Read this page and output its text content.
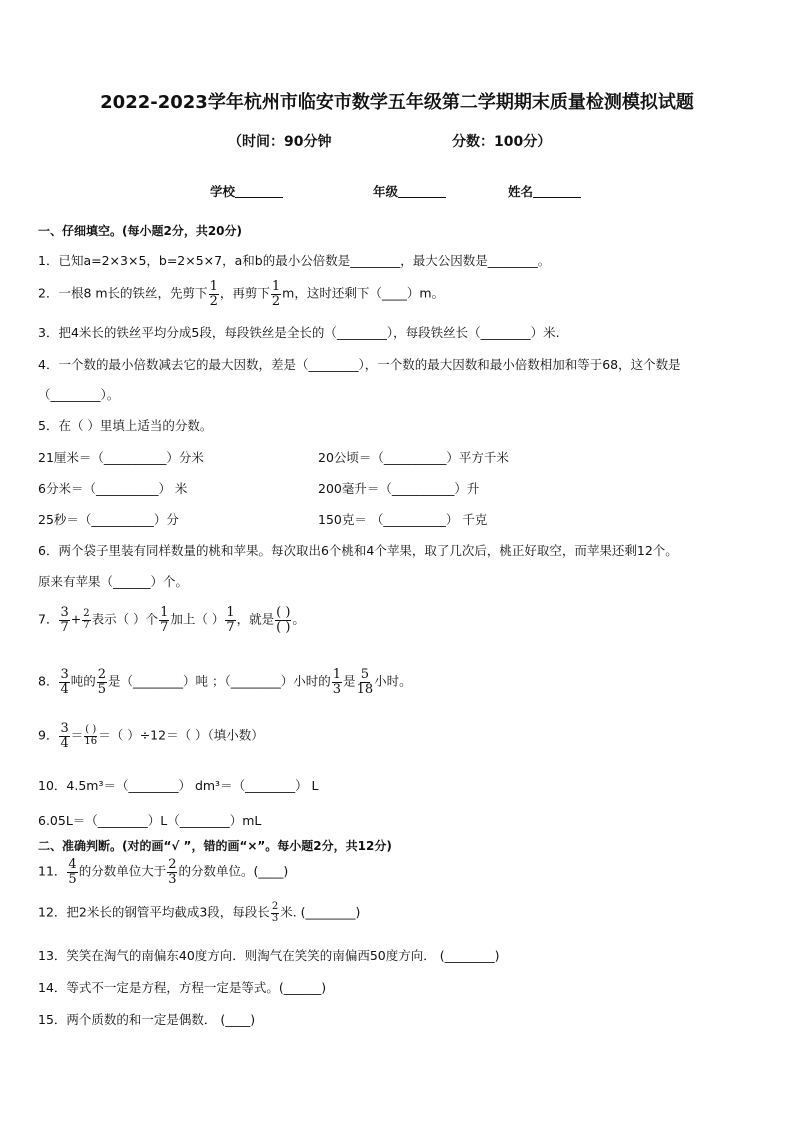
2022-2023学年杭州市临安市数学五年级第二学期期末质量检测模拟试题
（时间：90分钟	分数：100分）
学校	年级	姓名
一、仔细填空。(每小题2分，共20分)
1．已知a=2×3×5，b=2×5×7，a和b的最小公倍数是________，最大公因数是________。
2．一根8 m长的铁丝，先剪下 $\frac{1}{2}$ ，再剪下 $\frac{1}{2}$ m，这时还剩下（____）m。
3．把4米长的铁丝平均分成5段，每段铁丝是全长的（________），每段铁丝长（________）米.
4．一个数的最小倍数减去它的最大因数，差是（________），一个数的最大因数和最小倍数相加和等于68，这个数是
（________）。
5．在（ ）里填上适当的分数。
21厘米＝（__________）分米	20公顷＝（__________）平方千米
6分米＝（__________） 米	200毫升＝（__________）升
25秒＝（__________）分	150克＝ （__________） 千克
6．两个袋子里装有同样数量的桃和苹果。每次取出6个桃和4个苹果，取了几次后，桃正好取空，而苹果还剩12个。
原来有苹果（______）个。
7． $\frac{3}{7} + \frac{2}{7}$ 表示（ ）个 $\frac{1}{7}$ 加上（ ） $\frac{1}{7}$ ，就是 $\frac{( )}{( )}$ 。
8． $\frac{3}{4}$ 吨的 $\frac{2}{5}$ 是（________）吨 ；（________）小时的 $\frac{1}{3}$ 是 $\frac{5}{18}$ 小时。
9． $\frac{3}{4} = \frac{( )}{16}$ ＝（ ）÷12＝（ ）（填小数）
10．4.5m³＝（________） dm³＝（________） L
6.05L＝（________）L（________）mL
二、准确判断。(对的画“√ ”，错的画“×”。每小题2分，共12分)
11． $\frac{4}{5}$ 的分数单位大于 $\frac{2}{3}$ 的分数单位。(____)
12．把2米长的钢管平均截成3段，每段长 $\frac{2}{3}$ 米. (________)
13．笑笑在淘气的南偏东40度方向．则淘气在笑笑的南偏西50度方向． (________)
14．等式不一定是方程，方程一定是等式。(______)
15．两个质数的和一定是偶数． (____)
